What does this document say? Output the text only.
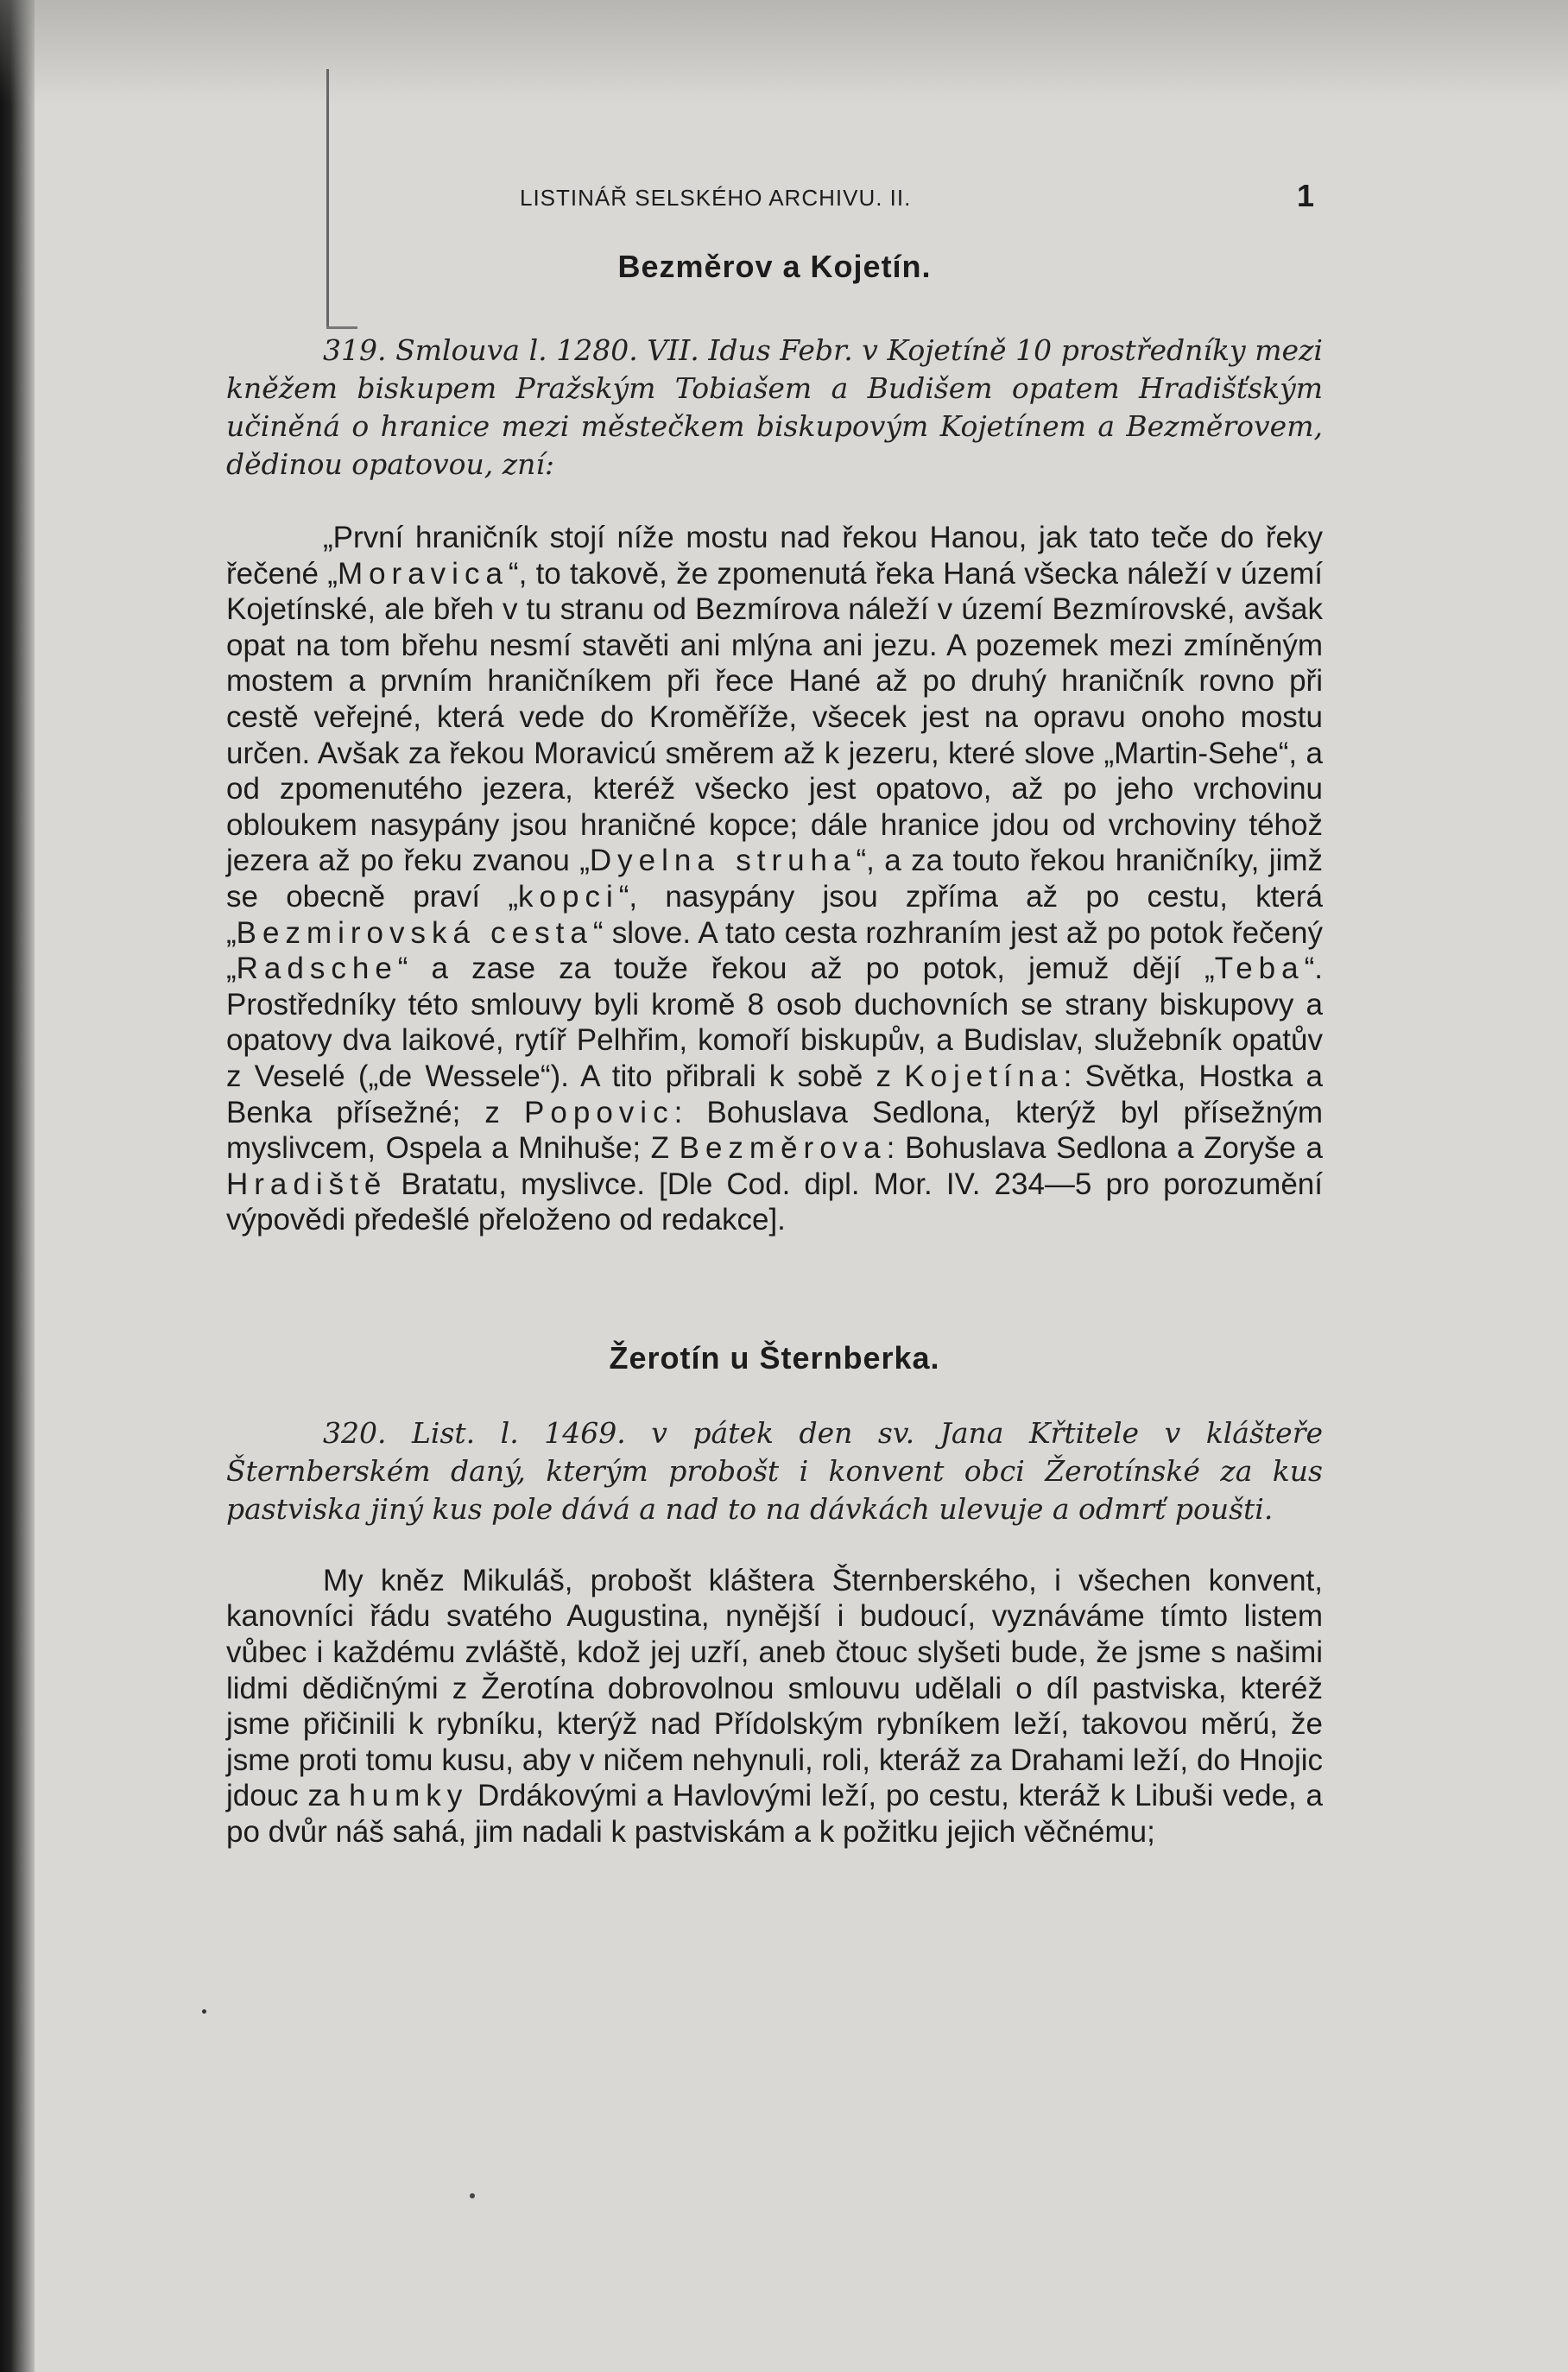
LISTINÁŘ SELSKÉHO ARCHIVU. II.	1
Bezměrov a Kojetín.

319. Smlouva l. 1280. VII. Idus Febr. v Kojetíně 10 prostředníky mezi kněžem biskupem Pražským Tobiašem a Budišem opatem Hradišťským učiněná o hranice mezi městečkem biskupovým Kojetínem a Bezměrovem, dědinou opatovou, zní:

„První hraničník stojí níže mostu nad řekou Hanou, jak tato teče do řeky řečené „Moravica“, to takově, že zpomenutá řeka Haná všecka náleží v území Kojetínské, ale břeh v tu stranu od Bezmírova náleží v území Bezmírovské, avšak opat na tom břehu nesmí stavěti ani mlýna ani jezu. A pozemek mezi zmíněným mostem a prvním hraničníkem při řece Hané až po druhý hraničník rovno při cestě veřejné, která vede do Kroměříže, všecek jest na opravu onoho mostu určen. Avšak za řekou Moravicú směrem až k jezeru, které slove „Martin-Sehe“, a od zpomenutého jezera, kteréž všecko jest opatovo, až po jeho vrchovinu obloukem nasypány jsou hraničné kopce; dále hranice jdou od vrchoviny téhož jezera až po řeku zvanou „Dyelna struha“, a za touto řekou hraničníky, jimž se obecně praví „kopci“, nasypány jsou zpříma až po cestu, která „Bezmirovská cesta“ slove. A tato cesta rozhraním jest až po potok řečený „Radsche“ a zase za touže řekou až po potok, jemuž dějí „Teba“. Prostředníky této smlouvy byli kromě 8 osob duchovních se strany biskupovy a opatovy dva laikové, rytíř Pelhřim, komoří biskupův, a Budislav, služebník opatův z Veselé („de Wessele“). A tito přibrali k sobě z Kojetína: Světka, Hostka a Benka přísežné; z Popovic: Bohuslava Sedlona, kterýž byl přísežným myslivcem, Ospela a Mnihuše; Z Bezměrova: Bohuslava Sedlona a Zoryše a Hradiště Bratatu, myslivce. [Dle Cod. dipl. Mor. IV. 234—5 pro porozumění výpovědi předešlé přeloženo od redakce].

Žerotín u Šternberka.

320. List. l. 1469. v pátek den sv. Jana Křtitele v klášteře Šternberském daný, kterým probošt i konvent obci Žerotínské za kus pastviska jiný kus pole dává a nad to na dávkách ulevuje a odmrť poušti.

My kněz Mikuláš, probošt kláštera Šternberského, i všechen konvent, kanovníci řádu svatého Augustina, nynější i budoucí, vyznáváme tímto listem vůbec i každému zvláště, kdož jej uzří, aneb čtouc slyšeti bude, že jsme s našimi lidmi dědičnými z Žerotína dobrovolnou smlouvu udělali o díl pastviska, kteréž jsme přičinili k rybníku, kterýž nad Přídolským rybníkem leží, takovou měrú, že jsme proti tomu kusu, aby v ničem nehynuli, roli, kteráž za Drahami leží, do Hnojic jdouc za humky Drdákovými a Havlovými leží, po cestu, kteráž k Libuši vede, a po dvůr náš sahá, jim nadali k pastviskám a k požitku jejich věčnému;
